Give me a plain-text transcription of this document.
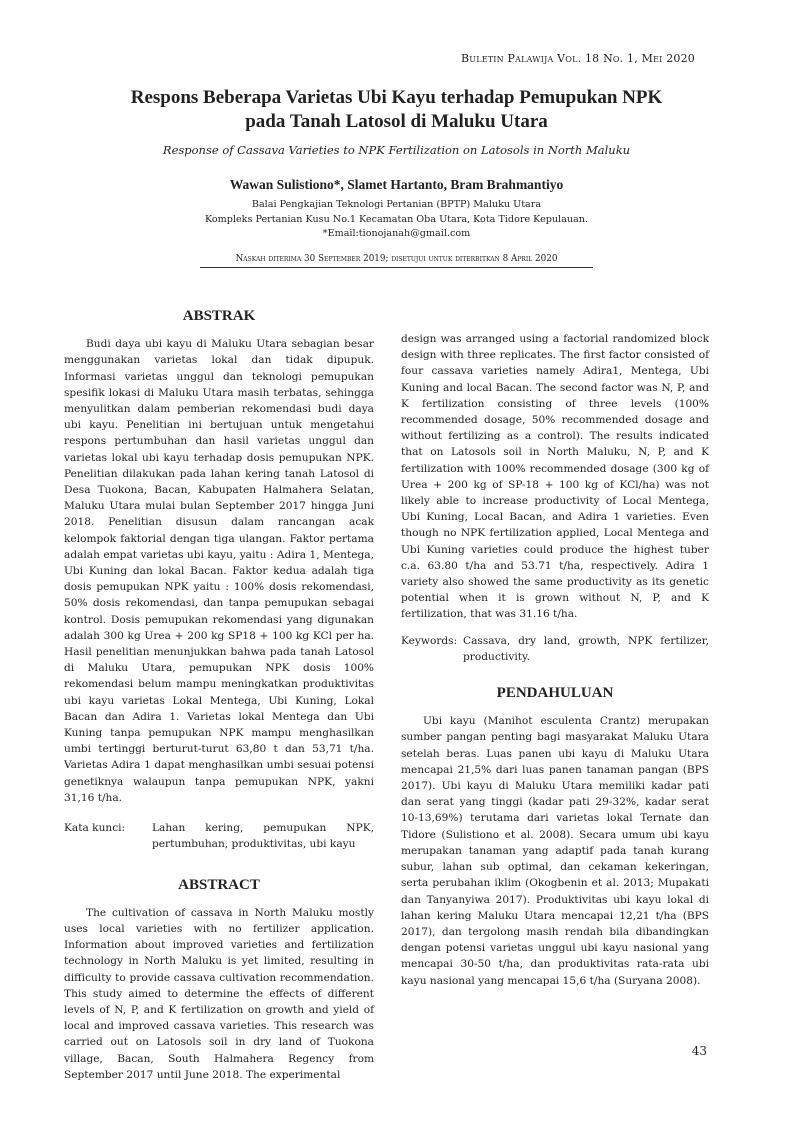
Buletin Palawija Vol. 18 No. 1, Mei 2020
Respons Beberapa Varietas Ubi Kayu terhadap Pemupukan NPK
pada Tanah Latosol di Maluku Utara
Response of Cassava Varieties to NPK Fertilization on Latosols in North Maluku
Wawan Sulistiono*, Slamet Hartanto, Bram Brahmantiyo
Balai Pengkajian Teknologi Pertanian (BPTP) Maluku Utara
Kompleks Pertanian Kusu No.1 Kecamatan Oba Utara, Kota Tidore Kepulauan.
*Email:tionojanah@gmail.com
Naskah diterima 30 September 2019; disetujui untuk diterbitkan 8 April 2020
ABSTRAK

Budi daya ubi kayu di Maluku Utara sebagian besar menggunakan varietas lokal dan tidak dipupuk. Informasi varietas unggul dan teknologi pemupukan spesifik lokasi di Maluku Utara masih terbatas, sehingga menyulitkan dalam pemberian rekomendasi budi daya ubi kayu. Penelitian ini bertujuan untuk mengetahui respons pertumbuhan dan hasil varietas unggul dan varietas lokal ubi kayu terhadap dosis pemupukan NPK. Penelitian dilakukan pada lahan kering tanah Latosol di Desa Tuokona, Bacan, Kabupaten Halmahera Selatan, Maluku Utara mulai bulan September 2017 hingga Juni 2018. Penelitian disusun dalam rancangan acak kelompok faktorial dengan tiga ulangan. Faktor pertama adalah empat varietas ubi kayu, yaitu : Adira 1, Mentega, Ubi Kuning dan lokal Bacan. Faktor kedua adalah tiga dosis pemupukan NPK yaitu : 100% dosis rekomendasi, 50% dosis rekomendasi, dan tanpa pemupukan sebagai kontrol. Dosis pemupukan rekomendasi yang digunakan adalah 300 kg Urea + 200 kg SP18 + 100 kg KCl per ha. Hasil penelitian menunjukkan bahwa pada tanah Latosol di Maluku Utara, pemupukan NPK dosis 100% rekomendasi belum mampu meningkatkan produktivitas ubi kayu varietas Lokal Mentega, Ubi Kuning, Lokal Bacan dan Adira 1. Varietas lokal Mentega dan Ubi Kuning tanpa pemupukan NPK mampu menghasilkan umbi tertinggi berturut-turut 63,80 t dan 53,71 t/ha. Varietas Adira 1 dapat menghasilkan umbi sesuai potensi genetiknya walaupun tanpa pemupukan NPK, yakni 31,16 t/ha.

Kata kunci:	Lahan kering, pemupukan NPK, pertumbuhan, produktivitas, ubi kayu
ABSTRACT

The cultivation of cassava in North Maluku mostly uses local varieties with no fertilizer application. Information about improved varieties and fertilization technology in North Maluku is yet limited, resulting in difficulty to provide cassava cultivation recommendation. This study aimed to determine the effects of different levels of N, P, and K fertilization on growth and yield of local and improved cassava varieties. This research was carried out on Latosols soil in dry land of Tuokona village, Bacan, South Halmahera Regency from September 2017 until June 2018. The experimental

design was arranged using a factorial randomized block design with three replicates. The first factor consisted of four cassava varieties namely Adira1, Mentega, Ubi Kuning and local Bacan. The second factor was N, P, and K fertilization consisting of three levels (100% recommended dosage, 50% recommended dosage and without fertilizing as a control). The results indicated that on Latosols soil in North Maluku, N, P, and K fertilization with 100% recommended dosage (300 kg of Urea + 200 kg of SP-18 + 100 kg of KCl/ha) was not likely able to increase productivity of Local Mentega, Ubi Kuning, Local Bacan, and Adira 1 varieties. Even though no NPK fertilization applied, Local Mentega and Ubi Kuning varieties could produce the highest tuber c.a. 63.80 t/ha and 53.71 t/ha, respectively. Adira 1 variety also showed the same productivity as its genetic potential when it is grown without N, P, and K fertilization, that was 31.16 t/ha.

Keywords: Cassava, dry land, growth, NPK fertilizer, productivity.
PENDAHULUAN

Ubi kayu (Manihot esculenta Crantz) merupakan sumber pangan penting bagi masyarakat Maluku Utara setelah beras. Luas panen ubi kayu di Maluku Utara mencapai 21,5% dari luas panen tanaman pangan (BPS 2017). Ubi kayu di Maluku Utara memiliki kadar pati dan serat yang tinggi (kadar pati 29-32%, kadar serat 10-13,69%) terutama dari varietas lokal Ternate dan Tidore (Sulistiono et al. 2008). Secara umum ubi kayu merupakan tanaman yang adaptif pada tanah kurang subur, lahan sub optimal, dan cekaman kekeringan, serta perubahan iklim (Okogbenin et al. 2013; Mupakati dan Tanyanyiwa 2017). Produktivitas ubi kayu lokal di lahan kering Maluku Utara mencapai 12,21 t/ha (BPS 2017), dan tergolong masih rendah bila dibandingkan dengan potensi varietas unggul ubi kayu nasional yang mencapai 30-50 t/ha, dan produktivitas rata-rata ubi kayu nasional yang mencapai 15,6 t/ha (Suryana 2008).

43
